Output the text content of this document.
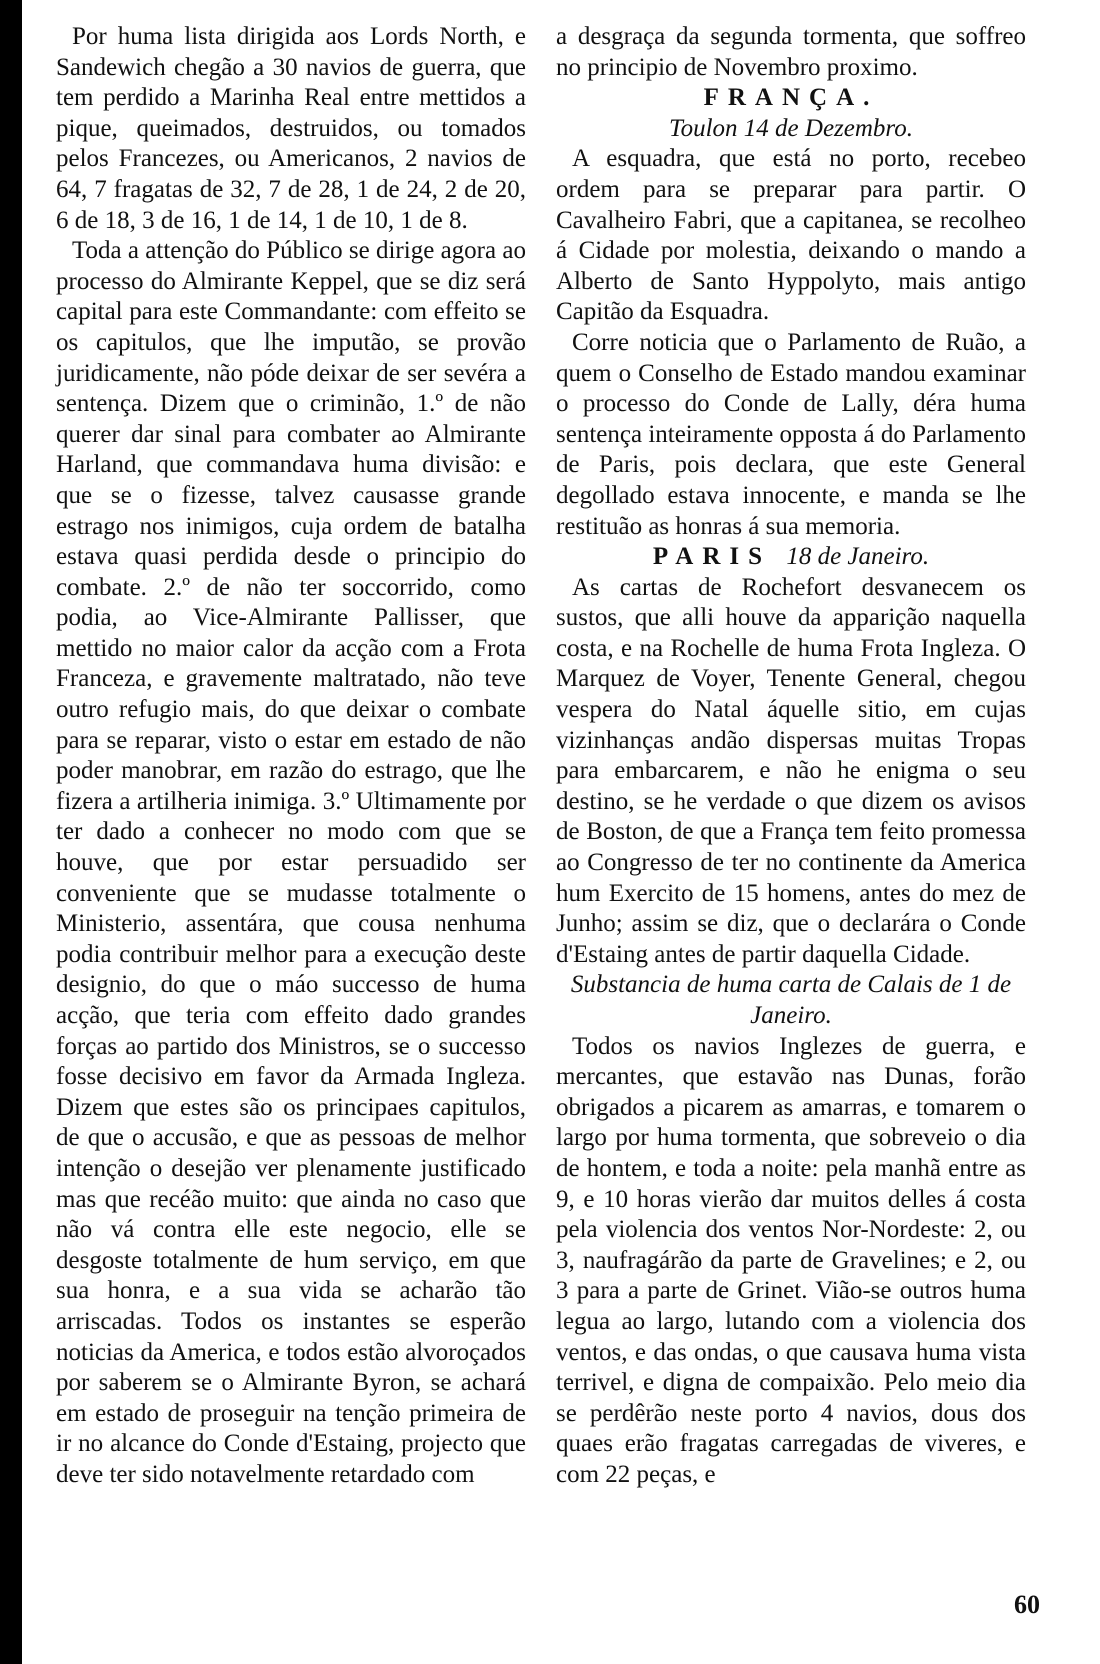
Por huma lista dirigida aos Lords North, e Sandewich chegão a 30 navios de guerra, que tem perdido a Marinha Real entre mettidos a pique, queimados, destruidos, ou tomados pelos Francezes, ou Americanos, 2 navios de 64, 7 fragatas de 32, 7 de 28, 1 de 24, 2 de 20, 6 de 18, 3 de 16, 1 de 14, 1 de 10, 1 de 8.

Toda a attenção do Público se dirige agora ao processo do Almirante Keppel, que se diz será capital para este Commandante: com effeito se os capitulos, que lhe imputão, se provão juridicamente, não póde deixar de ser sevéra a sentença. Dizem que o criminão, 1.º de não querer dar sinal para combater ao Almirante Harland, que commandava huma divisão: e que se o fizesse, talvez causasse grande estrago nos inimigos, cuja ordem de batalha estava quasi perdida desde o principio do combate. 2.º de não ter soccorrido, como podia, ao Vice-Almirante Pallisser, que mettido no maior calor da acção com a Frota Franceza, e gravemente maltratado, não teve outro refugio mais, do que deixar o combate para se reparar, visto o estar em estado de não poder manobrar, em razão do estrago, que lhe fizera a artilheria inimiga. 3.º Ultimamente por ter dado a conhecer no modo com que se houve, que por estar persuadido ser conveniente que se mudasse totalmente o Ministerio, assentára, que cousa nenhuma podia contribuir melhor para a execução deste designio, do que o máo successo de huma acção, que teria com effeito dado grandes forças ao partido dos Ministros, se o successo fosse decisivo em favor da Armada Ingleza. Dizem que estes são os principaes capitulos, de que o accusão, e que as pessoas de melhor intenção o desejão ver plenamente justificado mas que recéão muito: que ainda no caso que não vá contra elle este negocio, elle se desgoste totalmente de hum serviço, em que sua honra, e a sua vida se acharão tão arriscadas. Todos os instantes se esperão noticias da America, e todos estão alvoroçados por saberem se o Almirante Byron, se achará em estado de proseguir na tenção primeira de ir no alcance do Conde d'Estaing, projecto que deve ter sido notavelmente retardado com

a desgraça da segunda tormenta, que soffreo no principio de Novembro proximo.

FRANÇA.
Toulon 14 de Dezembro.

A esquadra, que está no porto, recebeo ordem para se preparar para partir. O Cavalheiro Fabri, que a capitanea, se recolheo á Cidade por molestia, deixando o mando a Alberto de Santo Hyppolyto, mais antigo Capitão da Esquadra.

Corre noticia que o Parlamento de Ruão, a quem o Conselho de Estado mandou examinar o processo do Conde de Lally, déra huma sentença inteiramente opposta á do Parlamento de Paris, pois declara, que este General degollado estava innocente, e manda se lhe restituão as honras á sua memoria.

PARIS 18 de Janeiro.

As cartas de Rochefort desvanecem os sustos, que alli houve da apparição naquella costa, e na Rochelle de huma Frota Ingleza. O Marquez de Voyer, Tenente General, chegou vespera do Natal áquelle sitio, em cujas vizinhanças andão dispersas muitas Tropas para embarcarem, e não he enigma o seu destino, se he verdade o que dizem os avisos de Boston, de que a França tem feito promessa ao Congresso de ter no continente da America hum Exercito de 15 homens, antes do mez de Junho; assim se diz, que o declarára o Conde d'Estaing antes de partir daquella Cidade.

Substancia de huma carta de Calais de 1 de Janeiro.

Todos os navios Inglezes de guerra, e mercantes, que estavão nas Dunas, forão obrigados a picarem as amarras, e tomarem o largo por huma tormenta, que sobreveio o dia de hontem, e toda a noite: pela manhã entre as 9, e 10 horas vierão dar muitos delles á costa pela violencia dos ventos Nor-Nordeste: 2, ou 3, naufragárão da parte de Gravelines; e 2, ou 3 para a parte de Grinet. Vião-se outros huma legua ao largo, lutando com a violencia dos ventos, e das ondas, o que causava huma vista terrivel, e digna de compaixão. Pelo meio dia se perdêrão neste porto 4 navios, dous dos quaes erão fragatas carregadas de viveres, e com 22 peças, e

60
